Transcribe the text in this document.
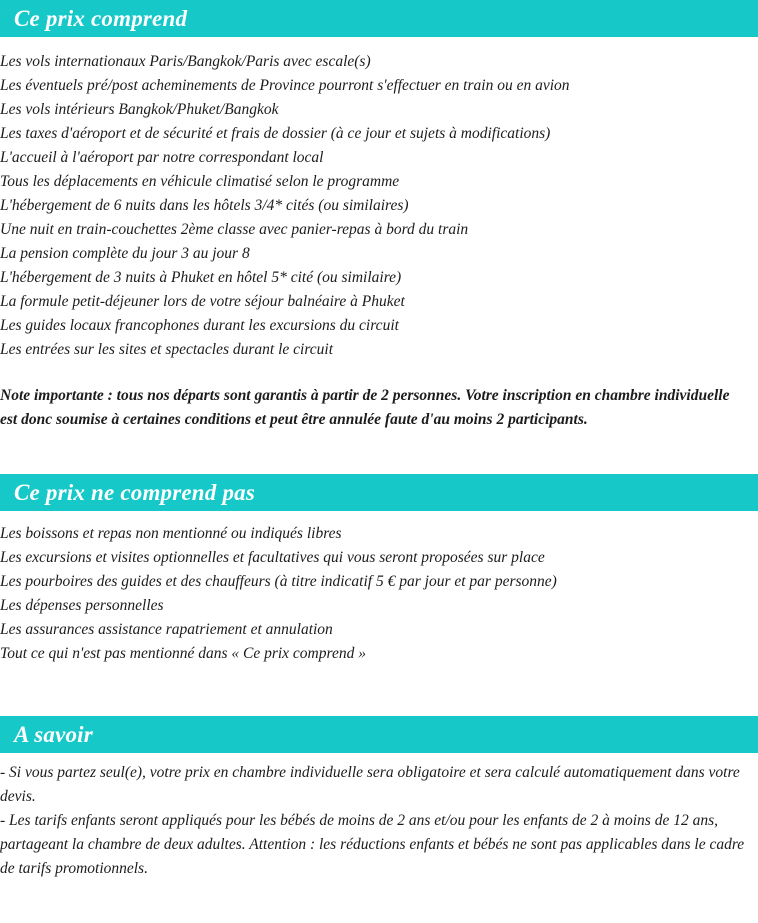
Ce prix comprend
Les vols internationaux Paris/Bangkok/Paris avec escale(s)
Les éventuels pré/post acheminements de Province pourront s'effectuer en train ou en avion
Les vols intérieurs Bangkok/Phuket/Bangkok
Les taxes d'aéroport et de sécurité et frais de dossier (à ce jour et sujets à modifications)
L'accueil à l'aéroport par notre correspondant local
Tous les déplacements en véhicule climatisé selon le programme
L'hébergement de 6 nuits dans les hôtels 3/4* cités (ou similaires)
Une nuit en train-couchettes 2ème classe avec panier-repas à bord du train
La pension complète du jour 3 au jour 8
L'hébergement de 3 nuits à Phuket en hôtel 5* cité (ou similaire)
La formule petit-déjeuner lors de votre séjour balnéaire à Phuket
Les guides locaux francophones durant les excursions du circuit
Les entrées sur les sites et spectacles durant le circuit
Note importante : tous nos départs sont garantis à partir de 2 personnes. Votre inscription en chambre individuelle est donc soumise à certaines conditions et peut être annulée faute d'au moins 2 participants.
Ce prix ne comprend pas
Les boissons et repas non mentionné ou indiqués libres
Les excursions et visites optionnelles et facultatives qui vous seront proposées sur place
Les pourboires des guides et des chauffeurs (à titre indicatif 5 € par jour et par personne)
Les dépenses personnelles
Les assurances assistance rapatriement et annulation
Tout ce qui n'est pas mentionné dans « Ce prix comprend »
A savoir
- Si vous partez seul(e), votre prix en chambre individuelle sera obligatoire et sera calculé automatiquement dans votre devis.
- Les tarifs enfants seront appliqués pour les bébés de moins de 2 ans et/ou pour les enfants de 2 à moins de 12 ans, partageant la chambre de deux adultes. Attention : les réductions enfants et bébés ne sont pas applicables dans le cadre de tarifs promotionnels.
